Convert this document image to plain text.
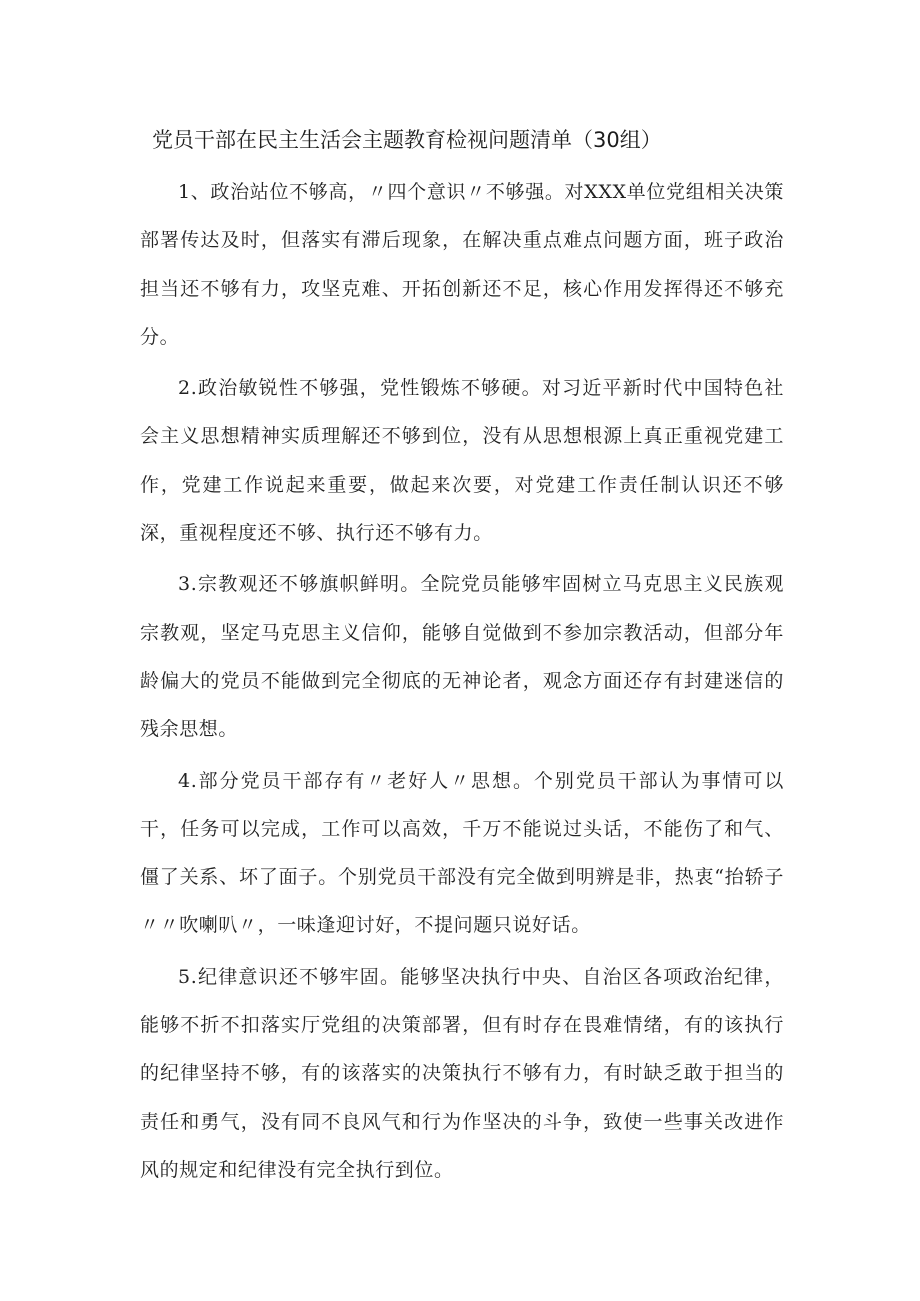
党员干部在民主生活会主题教育检视问题清单（30组）

1、政治站位不够高，〃四个意识〃不够强。对XXX单位党组相关决策部署传达及时，但落实有滞后现象，在解决重点难点问题方面，班子政治担当还不够有力，攻坚克难、开拓创新还不足，核心作用发挥得还不够充分。

2.政治敏锐性不够强，党性锻炼不够硬。对习近平新时代中国特色社会主义思想精神实质理解还不够到位，没有从思想根源上真正重视党建工作，党建工作说起来重要，做起来次要，对党建工作责任制认识还不够深，重视程度还不够、执行还不够有力。

3.宗教观还不够旗帜鲜明。全院党员能够牢固树立马克思主义民族观宗教观，坚定马克思主义信仰，能够自觉做到不参加宗教活动，但部分年龄偏大的党员不能做到完全彻底的无神论者，观念方面还存有封建迷信的残余思想。

4.部分党员干部存有〃老好人〃思想。个别党员干部认为事情可以干，任务可以完成，工作可以高效，千万不能说过头话，不能伤了和气、僵了关系、坏了面子。个别党员干部没有完全做到明辨是非，热衷“抬轿子〃〃吹喇叭〃，一味逢迎讨好，不提问题只说好话。

5.纪律意识还不够牢固。能够坚决执行中央、自治区各项政治纪律，能够不折不扣落实厅党组的决策部署，但有时存在畏难情绪，有的该执行的纪律坚持不够，有的该落实的决策执行不够有力，有时缺乏敢于担当的责任和勇气，没有同不良风气和行为作坚决的斗争，致使一些事关改进作风的规定和纪律没有完全执行到位。
